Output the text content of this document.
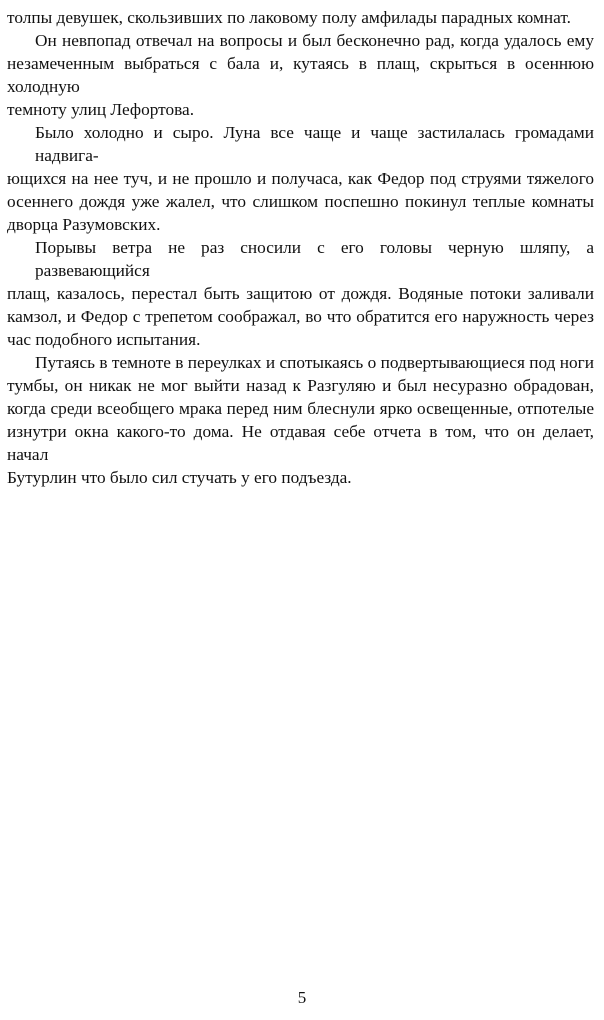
толпы девушек, скользивших по лаковому полу амфилады парадных комнат.
Он невпопад отвечал на вопросы и был бесконечно рад, когда удалось ему
незамеченным выбраться с бала и, кутаясь в плащ, скрыться в осеннюю холодную
темноту улиц Лефортова.
Было холодно и сыро. Луна все чаще и чаще застилалась громадами надвига-
ющихся на нее туч, и не прошло и получаса, как Федор под струями тяжелого
осеннего дождя уже жалел, что слишком поспешно покинул теплые комнаты
дворца Разумовских.
Порывы ветра не раз сносили с его головы черную шляпу, а развевающийся
плащ, казалось, перестал быть защитою от дождя. Водяные потоки заливали
камзол, и Федор с трепетом соображал, во что обратится его наружность через
час подобного испытания.
Путаясь в темноте в переулках и спотыкаясь о подвертывающиеся под ноги
тумбы, он никак не мог выйти назад к Разгуляю и был несуразно обрадован,
когда среди всеобщего мрака перед ним блеснули ярко освещенные, отпотелые
изнутри окна какого-то дома. Не отдавая себе отчета в том, что он делает, начал
Бутурлин что было сил стучать у его подъезда.
5
